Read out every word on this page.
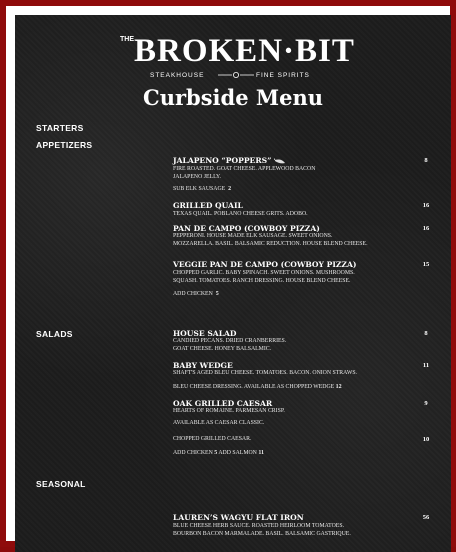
THE BROKEN·BIT
STEAKHOUSE	FINE SPIRITS
Curbside Menu
STARTERS
APPETIZERS
SALADS
SEASONAL
JALAPENO “POPPERS”	8
FIRE ROASTED. GOAT CHEESE. APPLEWOOD BACON
JALAPENO JELLY.
SUB ELK SAUSAGE 2
GRILLED QUAIL	16
TEXAS QUAIL. POBLANO CHEESE GRITS. ADOBO.
PAN DE CAMPO (COWBOY PIZZA)	16
PEPPERONI. HOUSE MADE ELK SAUSAGE. SWEET ONIONS.
MOZZARELLA. BASIL. BALSAMIC REDUCTION. HOUSE BLEND CHEESE.
VEGGIE PAN DE CAMPO (COWBOY PIZZA)	15
CHOPPED GARLIC. BABY SPINACH. SWEET ONIONS. MUSHROOMS.
SQUASH. TOMATOES. RANCH DRESSING. HOUSE BLEND CHEESE.
ADD CHICKEN 5
HOUSE SALAD	8
CANDIED PECANS. DRIED CRANBERRIES.
GOAT CHEESE. HONEY BALSALMIC.
BABY WEDGE	11
SHAFT'S AGED BLEU CHEESE. TOMATOES. BACON. ONION STRAWS.
BLEU CHEESE DRESSING. AVAILABLE AS CHOPPED WEDGE 12
OAK GRILLED CAESAR	9
HEARTS OF ROMAINE. PARMESAN CRISP.
AVAILABLE AS CAESAR CLASSIC.
CHOPPED GRILLED CAESAR.	10
ADD CHICKEN 5 ADD SALMON 11
LAUREN’S WAGYU FLAT IRON	56
BLUE CHEESE HERB SAUCE. ROASTED HEIRLOOM TOMATOES.
BOURBON BACON MARMALADE. BASIL. BALSAMIC GASTRIQUE.
